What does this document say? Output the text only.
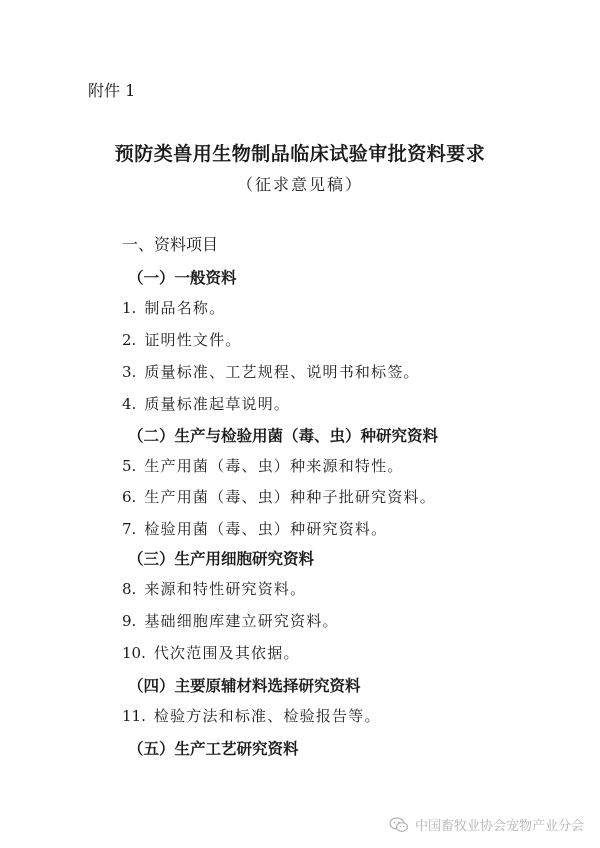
附件 1
预防类兽用生物制品临床试验审批资料要求
（征求意见稿）
一、资料项目
（一）一般资料
1. 制品名称。
2. 证明性文件。
3. 质量标准、工艺规程、说明书和标签。
4. 质量标准起草说明。
（二）生产与检验用菌（毒、虫）种研究资料
5. 生产用菌（毒、虫）种来源和特性。
6. 生产用菌（毒、虫）种种子批研究资料。
7. 检验用菌（毒、虫）种研究资料。
（三）生产用细胞研究资料
8. 来源和特性研究资料。
9. 基础细胞库建立研究资料。
10. 代次范围及其依据。
（四）主要原辅材料选择研究资料
11. 检验方法和标准、检验报告等。
（五）生产工艺研究资料
中国畜牧业协会宠物产业分会
